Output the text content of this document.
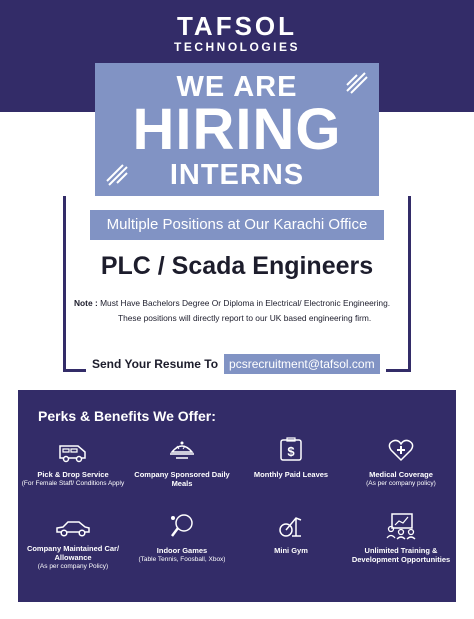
TAFSOL
TECHNOLOGIES
WE ARE
HIRING
INTERNS
Multiple Positions at Our Karachi Office
PLC / Scada Engineers
Note : Must Have Bachelors Degree Or Diploma in Electrical/ Electronic Engineering.
These positions will directly report to our UK based engineering firm.
Send Your Resume To pcsrecruitment@tafsol.com
Perks & Benefits We Offer:
Pick & Drop Service
(For Female Staff/ Conditions Apply
Company Sponsored Daily Meals
$
Monthly Paid Leaves	Medical Coverage
(As per company policy)
Company Maintained Car/ Allowance
(As per company Policy)
Indoor Games
(Table Tennis, Foosball, Xbox)
Mini Gym	Unlimited Training & Development Opportunities
